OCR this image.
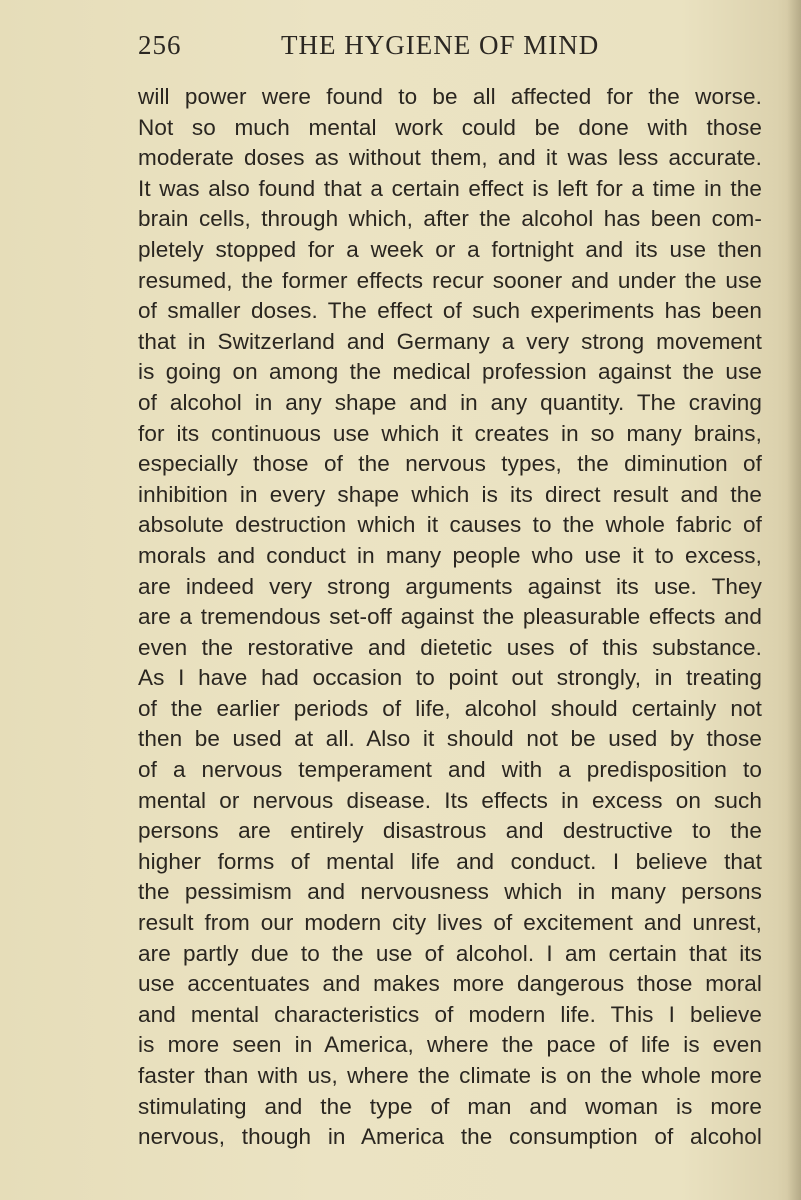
256	THE HYGIENE OF MIND
will power were found to be all affected for the worse.
Not so much mental work could be done with those
moderate doses as without them, and it was less accurate.
It was also found that a certain effect is left for a time in the
brain cells, through which, after the alcohol has been com-
pletely stopped for a week or a fortnight and its use then
resumed, the former effects recur sooner and under the use
of smaller doses. The effect of such experiments has been
that in Switzerland and Germany a very strong movement
is going on among the medical profession against the use
of alcohol in any shape and in any quantity. The craving
for its continuous use which it creates in so many brains,
especially those of the nervous types, the diminution of
inhibition in every shape which is its direct result and the
absolute destruction which it causes to the whole fabric of
morals and conduct in many people who use it to excess,
are indeed very strong arguments against its use. They
are a tremendous set-off against the pleasurable effects and
even the restorative and dietetic uses of this substance.
As I have had occasion to point out strongly, in treating
of the earlier periods of life, alcohol should certainly not
then be used at all. Also it should not be used by those
of a nervous temperament and with a predisposition to
mental or nervous disease. Its effects in excess on such
persons are entirely disastrous and destructive to the
higher forms of mental life and conduct. I believe that
the pessimism and nervousness which in many persons
result from our modern city lives of excitement and unrest,
are partly due to the use of alcohol. I am certain that its
use accentuates and makes more dangerous those moral
and mental characteristics of modern life. This I believe
is more seen in America, where the pace of life is even
faster than with us, where the climate is on the whole more
stimulating and the type of man and woman is more
nervous, though in America the consumption of alcohol
